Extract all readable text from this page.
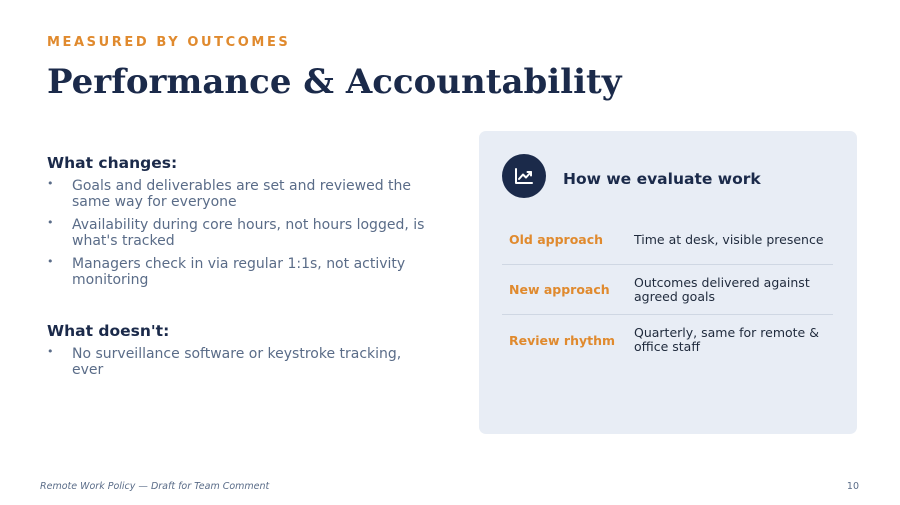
MEASURED BY OUTCOMES
Performance & Accountability
What changes:
• Goals and deliverables are set and reviewed the same way for everyone
• Availability during core hours, not hours logged, is what's tracked
• Managers check in via regular 1:1s, not activity monitoring
What doesn't:
• No surveillance software or keystroke tracking, ever
How we evaluate work
Old approach	Time at desk, visible presence
New approach	Outcomes delivered against agreed goals
Review rhythm	Quarterly, same for remote & office staff
Remote Work Policy — Draft for Team Comment	10
